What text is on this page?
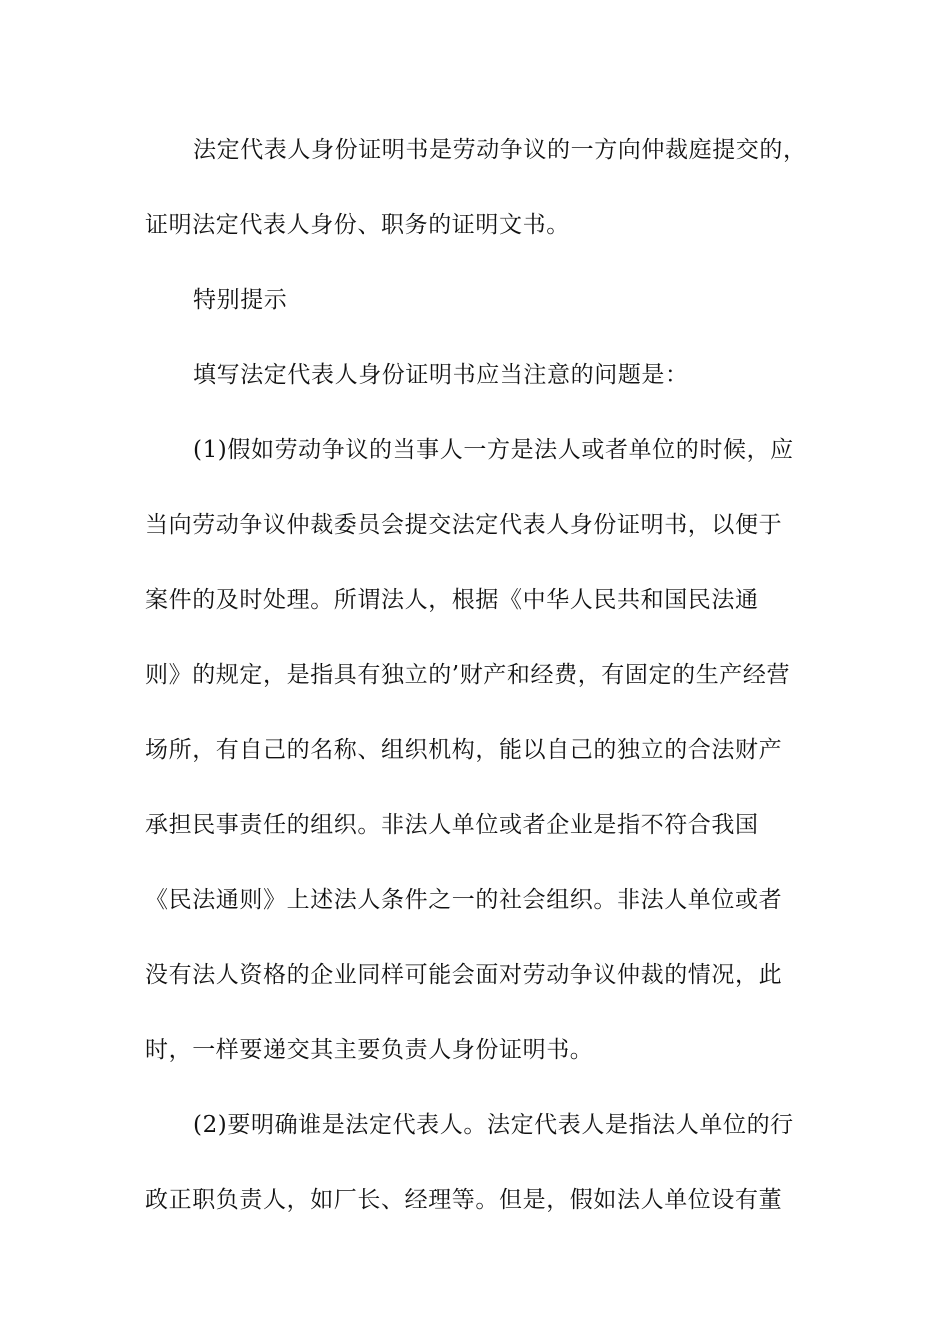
法定代表人身份证明书是劳动争议的一方向仲裁庭提交的，
证明法定代表人身份、职务的证明文书。
特别提示
填写法定代表人身份证明书应当注意的问题是：
(1)假如劳动争议的当事人一方是法人或者单位的时候，应
当向劳动争议仲裁委员会提交法定代表人身份证明书，以便于
案件的及时处理。所谓法人，根据《中华人民共和国民法通
则》的规定，是指具有独立的’财产和经费，有固定的生产经营
场所，有自己的名称、组织机构，能以自己的独立的合法财产
承担民事责任的组织。非法人单位或者企业是指不符合我国
《民法通则》上述法人条件之一的社会组织。非法人单位或者
没有法人资格的企业同样可能会面对劳动争议仲裁的情况，此
时，一样要递交其主要负责人身份证明书。
(2)要明确谁是法定代表人。法定代表人是指法人单位的行
政正职负责人，如厂长、经理等。但是，假如法人单位设有董
